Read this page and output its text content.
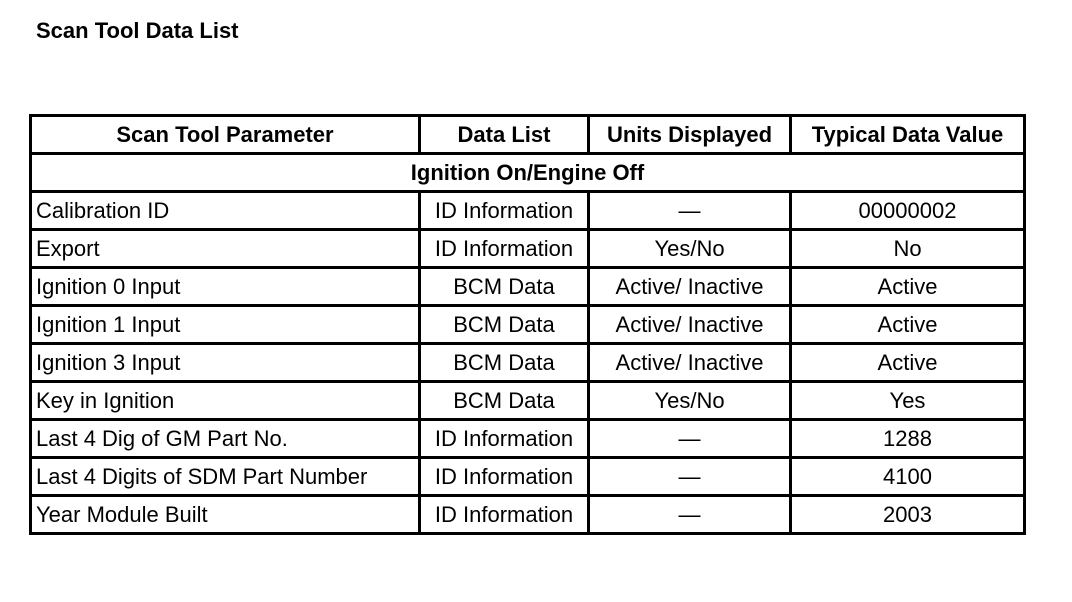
Scan Tool Data List
Scan Tool Parameter	Data List	Units Displayed	Typical Data Value
Ignition On/Engine Off			
Calibration ID	ID Information	—	00000002
Export	ID Information	Yes/No	No
Ignition 0 Input	BCM Data	Active/ Inactive	Active
Ignition 1 Input	BCM Data	Active/ Inactive	Active
Ignition 3 Input	BCM Data	Active/ Inactive	Active
Key in Ignition	BCM Data	Yes/No	Yes
Last 4 Dig of GM Part No.	ID Information	—	1288
Last 4 Digits of SDM Part Number	ID Information	—	4100
Year Module Built	ID Information	—	2003
